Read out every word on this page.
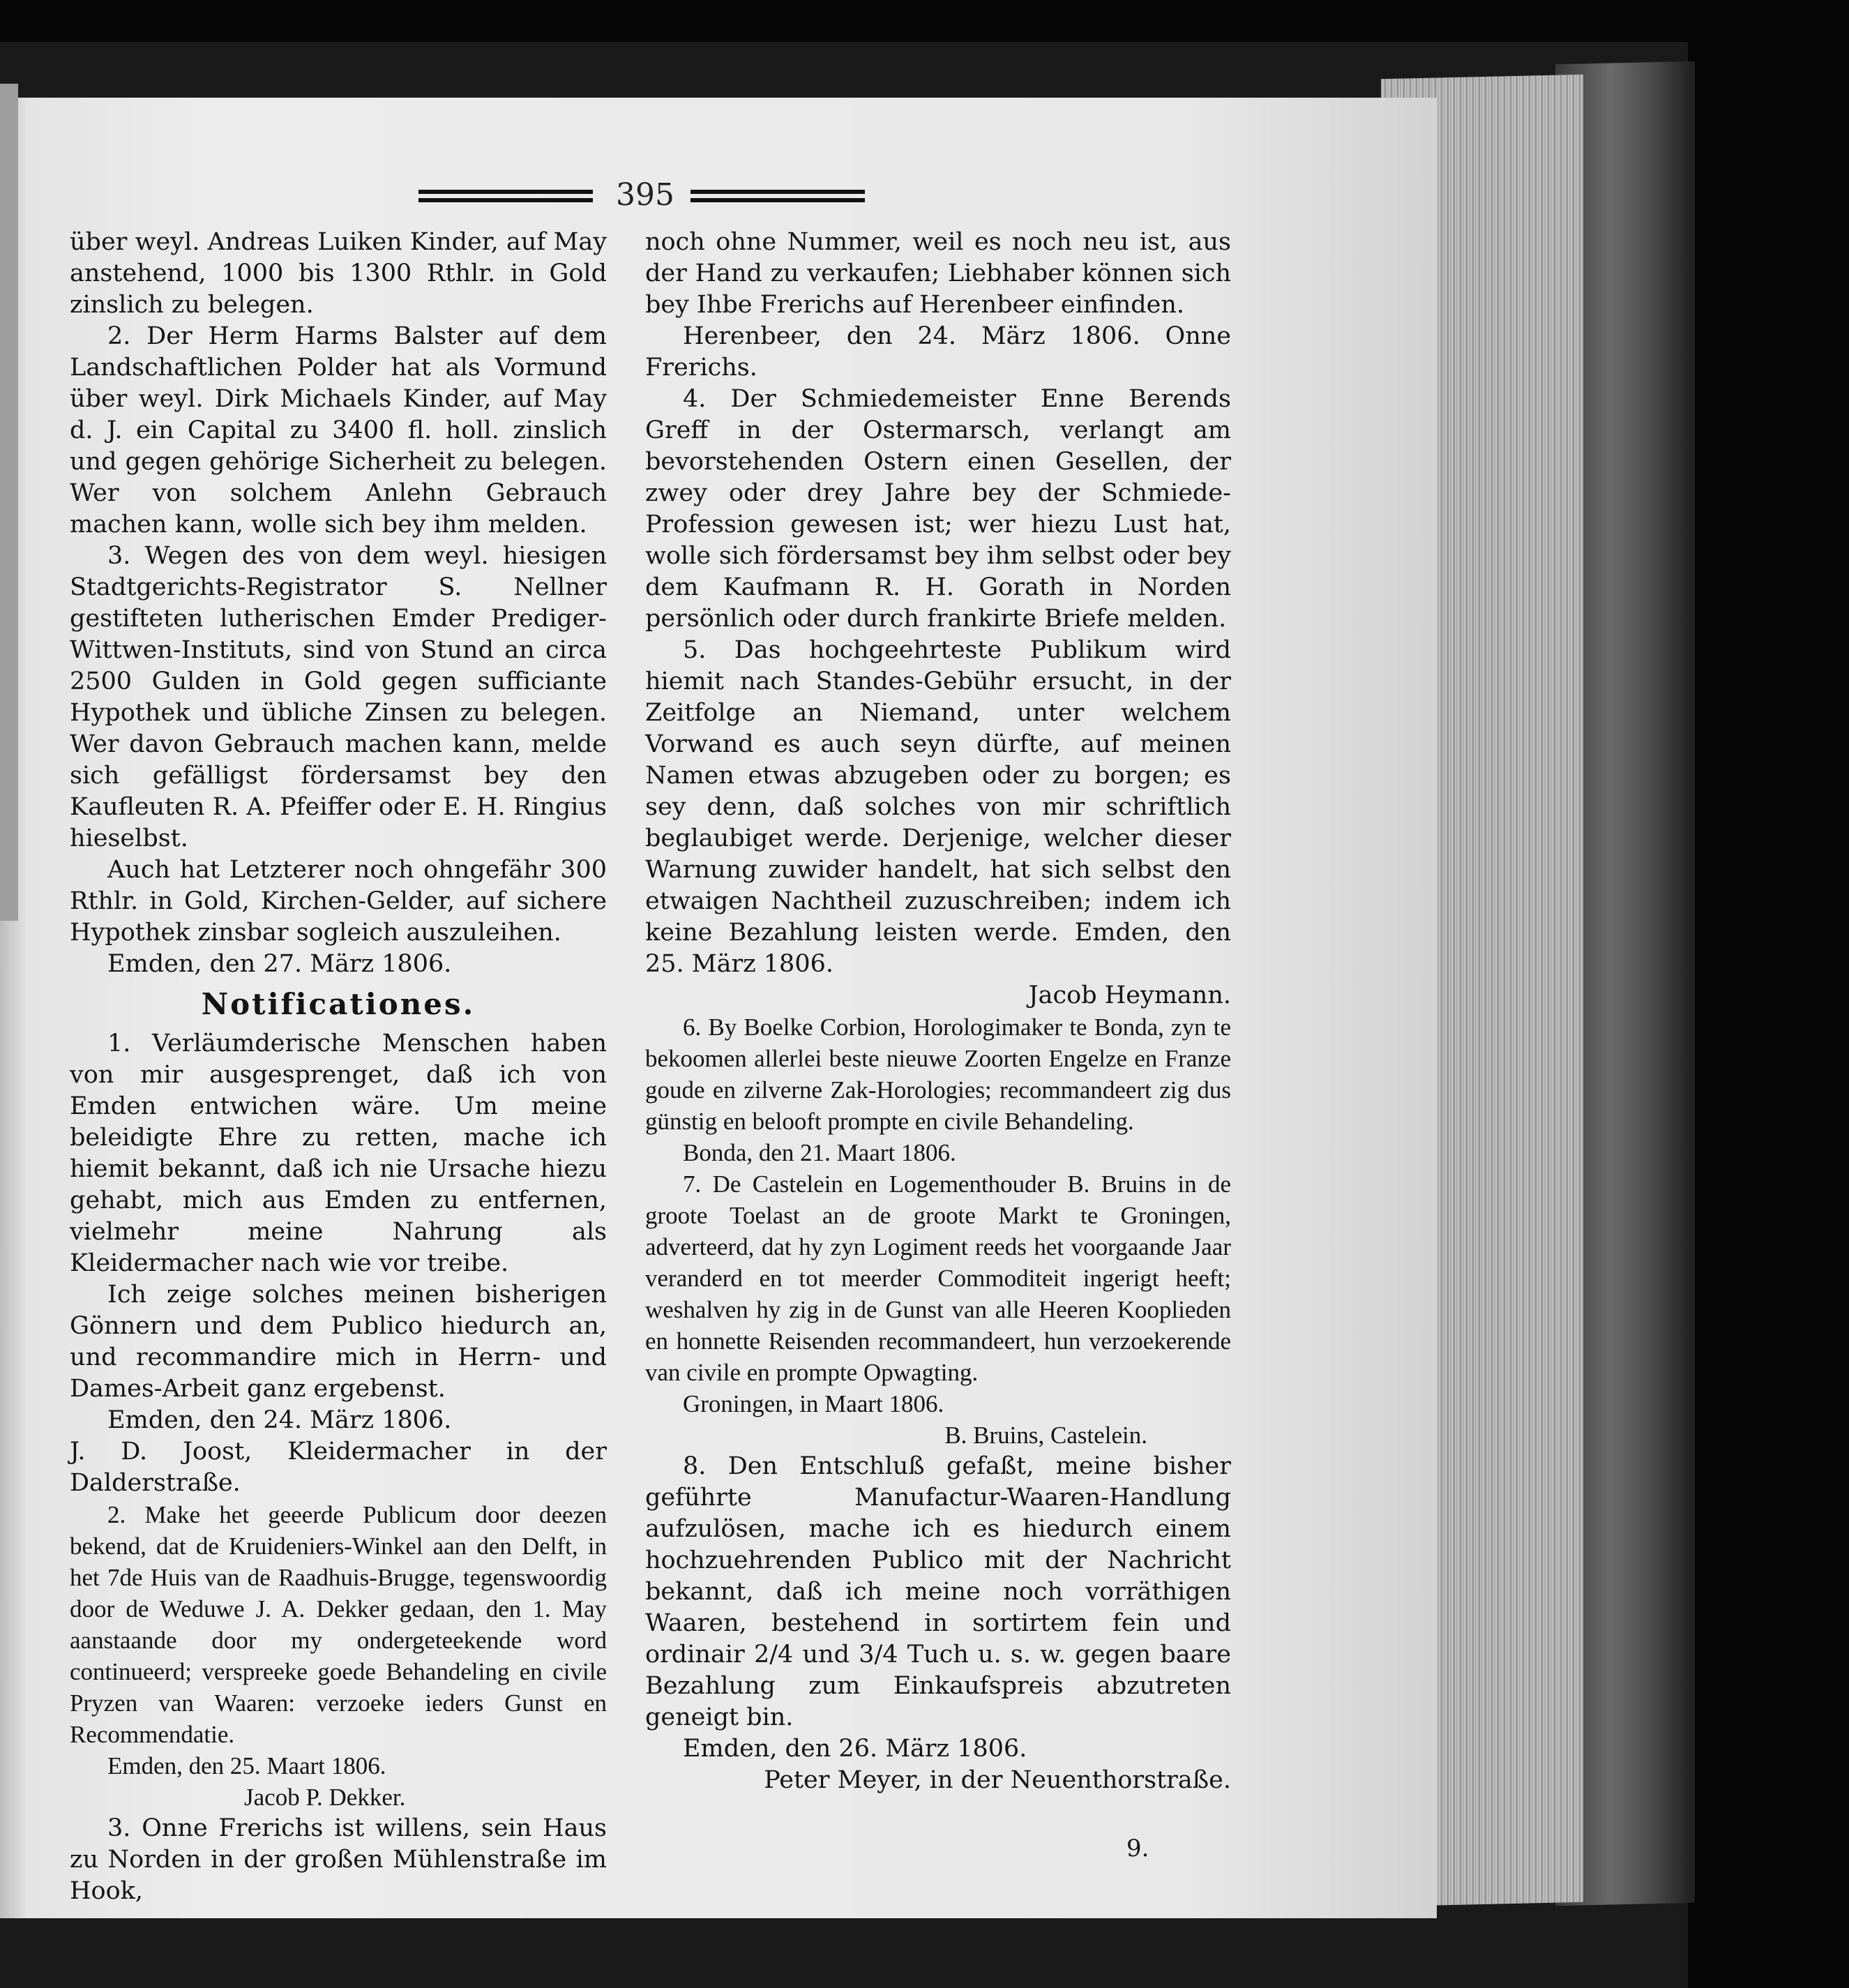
395

über weyl. Andreas Luiken Kinder, auf May anstehend, 1000 bis 1300 Rthlr. in Gold zinslich zu belegen.

2. Der Herm Harms Balster auf dem Landschaftlichen Polder hat als Vormund über weyl. Dirk Michaels Kinder, auf May d. J. ein Capital zu 3400 fl. holl. zinslich und gegen gehörige Sicherheit zu belegen. Wer von solchem Anlehn Gebrauch machen kann, wolle sich bey ihm melden.

3. Wegen des von dem weyl. hiesigen Stadtgerichts-Registrator S. Nellner gestifteten lutherischen Emder Prediger-Wittwen-Instituts, sind von Stund an circa 2500 Gulden in Gold gegen sufficiante Hypothek und übliche Zinsen zu belegen. Wer davon Gebrauch machen kann, melde sich gefälligst fördersamst bey den Kaufleuten R. A. Pfeiffer oder E. H. Ringius hieselbst.

Auch hat Letzterer noch ohngefähr 300 Rthlr. in Gold, Kirchen-Gelder, auf sichere Hypothek zinsbar sogleich auszuleihen.

Emden, den 27. März 1806.

Notificationes.

1. Verläumderische Menschen haben von mir ausgesprenget, daß ich von Emden entwichen wäre. Um meine beleidigte Ehre zu retten, mache ich hiemit bekannt, daß ich nie Ursache hiezu gehabt, mich aus Emden zu entfernen, vielmehr meine Nahrung als Kleidermacher nach wie vor treibe.

Ich zeige solches meinen bisherigen Gönnern und dem Publico hiedurch an, und recommandire mich in Herrn- und Dames-Arbeit ganz ergebenst.

Emden, den 24. März 1806.

J. D. Joost, Kleidermacher in der Dalderstraße.

2. Make het geeerde Publicum door deezen bekend, dat de Kruideniers-Winkel aan den Delft, in het 7de Huis van de Raadhuis-Brugge, tegenswoordig door de Weduwe J. A. Dekker gedaan, den 1. May aanstaande door my ondergeteekende word continueerd; verspreeke goede Behandeling en civile Pryzen van Waaren: verzoeke ieders Gunst en Recommendatie.

Emden, den 25. Maart 1806.

Jacob P. Dekker.

3. Onne Frerichs ist willens, sein Haus zu Norden in der großen Mühlenstraße im Hook,

noch ohne Nummer, weil es noch neu ist, aus der Hand zu verkaufen; Liebhaber können sich bey Ihbe Frerichs auf Herenbeer einfinden.

Herenbeer, den 24. März 1806. Onne Frerichs.

4. Der Schmiedemeister Enne Berends Greff in der Ostermarsch, verlangt am bevorstehenden Ostern einen Gesellen, der zwey oder drey Jahre bey der Schmiede-Profession gewesen ist; wer hiezu Lust hat, wolle sich fördersamst bey ihm selbst oder bey dem Kaufmann R. H. Gorath in Norden persönlich oder durch frankirte Briefe melden.

5. Das hochgeehrteste Publikum wird hiemit nach Standes-Gebühr ersucht, in der Zeitfolge an Niemand, unter welchem Vorwand es auch seyn dürfte, auf meinen Namen etwas abzugeben oder zu borgen; es sey denn, daß solches von mir schriftlich beglaubiget werde. Derjenige, welcher dieser Warnung zuwider handelt, hat sich selbst den etwaigen Nachtheil zuzuschreiben; indem ich keine Bezahlung leisten werde. Emden, den 25. März 1806.

Jacob Heymann.

6. By Boelke Corbion, Horologimaker te Bonda, zyn te bekoomen allerlei beste nieuwe Zoorten Engelze en Franze goude en zilverne Zak-Horologies; recommandeert zig dus günstig en belooft prompte en civile Behandeling.

Bonda, den 21. Maart 1806.

7. De Castelein en Logementhouder B. Bruins in de groote Toelast an de groote Markt te Groningen, adverteerd, dat hy zyn Logiment reeds het voorgaande Jaar veranderd en tot meerder Commoditeit ingerigt heeft; weshalven hy zig in de Gunst van alle Heeren Kooplieden en honnette Reisenden recommandeert, hun verzoekerende van civile en prompte Opwagting.

Groningen, in Maart 1806.

B. Bruins, Castelein.

8. Den Entschluß gefaßt, meine bisher geführte Manufactur-Waaren-Handlung aufzulösen, mache ich es hiedurch einem hochzuehrenden Publico mit der Nachricht bekannt, daß ich meine noch vorräthigen Waaren, bestehend in sortirtem fein und ordinair 2/4 und 3/4 Tuch u. s. w. gegen baare Bezahlung zum Einkaufspreis abzutreten geneigt bin.

Emden, den 26. März 1806.

Peter Meyer, in der Neuenthorstraße.

9.
